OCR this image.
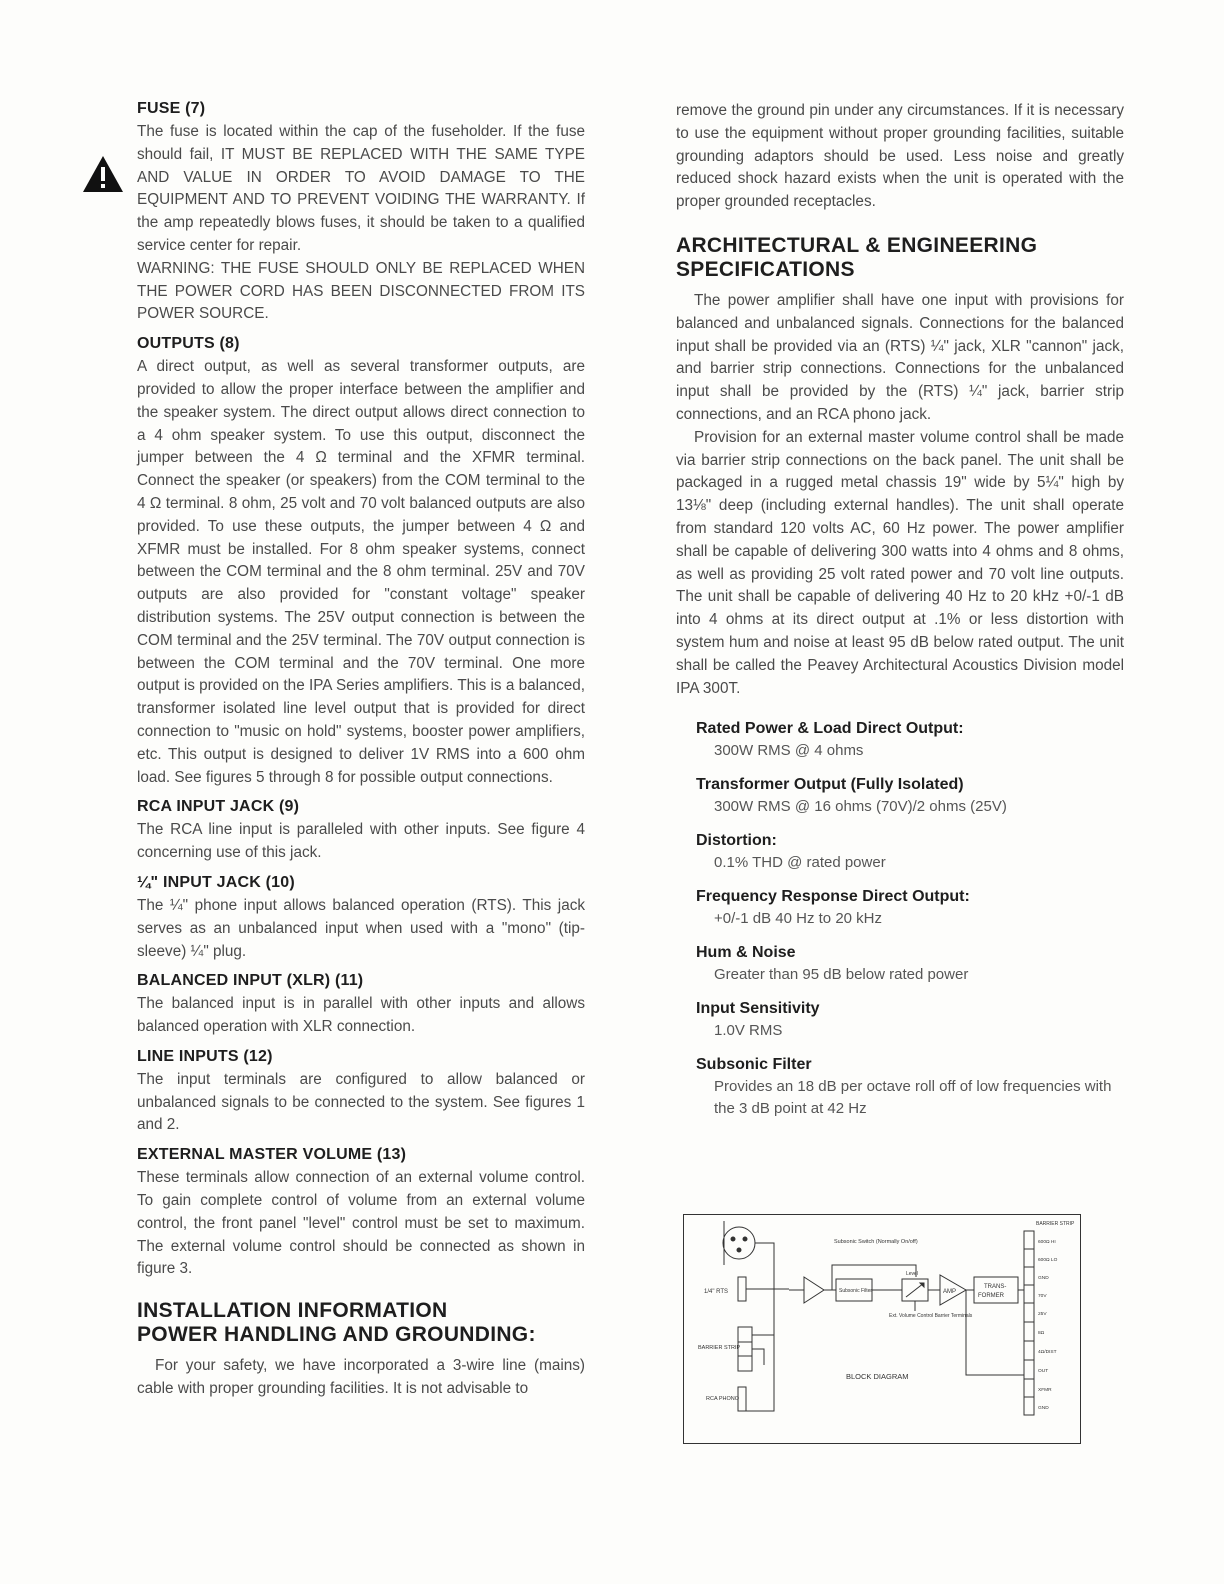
FUSE (7)

The fuse is located within the cap of the fuseholder. If the fuse should fail, IT MUST BE REPLACED WITH THE SAME TYPE AND VALUE IN ORDER TO AVOID DAMAGE TO THE EQUIPMENT AND TO PREVENT VOIDING THE WARRANTY. If the amp repeatedly blows fuses, it should be taken to a qualified service center for repair.

WARNING: THE FUSE SHOULD ONLY BE REPLACED WHEN THE POWER CORD HAS BEEN DISCONNECTED FROM ITS POWER SOURCE.

OUTPUTS (8)

A direct output, as well as several transformer outputs, are provided to allow the proper interface between the amplifier and the speaker system. The direct output allows direct connection to a 4 ohm speaker system. To use this output, disconnect the jumper between the 4 Ω terminal and the XFMR terminal. Connect the speaker (or speakers) from the COM terminal to the 4 Ω terminal. 8 ohm, 25 volt and 70 volt balanced outputs are also provided. To use these outputs, the jumper between 4 Ω and XFMR must be installed. For 8 ohm speaker systems, connect between the COM terminal and the 8 ohm terminal. 25V and 70V outputs are also provided for "constant voltage" speaker distribution systems. The 25V output connection is between the COM terminal and the 25V terminal. The 70V output connection is between the COM terminal and the 70V terminal. One more output is provided on the IPA Series amplifiers. This is a balanced, transformer isolated line level output that is provided for direct connection to "music on hold" systems, booster power amplifiers, etc. This output is designed to deliver 1V RMS into a 600 ohm load. See figures 5 through 8 for possible output connections.

RCA INPUT JACK (9)

The RCA line input is paralleled with other inputs. See figure 4 concerning use of this jack.

¼" INPUT JACK (10)

The ¼" phone input allows balanced operation (RTS). This jack serves as an unbalanced input when used with a "mono" (tip-sleeve) ¼" plug.

BALANCED INPUT (XLR) (11)

The balanced input is in parallel with other inputs and allows balanced operation with XLR connection.

LINE INPUTS (12)

The input terminals are configured to allow balanced or unbalanced signals to be connected to the system. See figures 1 and 2.

EXTERNAL MASTER VOLUME (13)

These terminals allow connection of an external volume control. To gain complete control of volume from an external volume control, the front panel "level" control must be set to maximum. The external volume control should be connected as shown in figure 3.

INSTALLATION INFORMATION
POWER HANDLING AND GROUNDING:

For your safety, we have incorporated a 3-wire line (mains) cable with proper grounding facilities. It is not advisable to

remove the ground pin under any circumstances. If it is necessary to use the equipment without proper grounding facilities, suitable grounding adaptors should be used. Less noise and greatly reduced shock hazard exists when the unit is operated with the proper grounded receptacles.

ARCHITECTURAL & ENGINEERING
SPECIFICATIONS

The power amplifier shall have one input with provisions for balanced and unbalanced signals. Connections for the balanced input shall be provided via an (RTS) ¼" jack, XLR "cannon" jack, and barrier strip connections. Connections for the unbalanced input shall be provided by the (RTS) ¼" jack, barrier strip connections, and an RCA phono jack.

Provision for an external master volume control shall be made via barrier strip connections on the back panel. The unit shall be packaged in a rugged metal chassis 19" wide by 5¼" high by 13⅛" deep (including external handles). The unit shall operate from standard 120 volts AC, 60 Hz power. The power amplifier shall be capable of delivering 300 watts into 4 ohms and 8 ohms, as well as providing 25 volt rated power and 70 volt line outputs. The unit shall be capable of delivering 40 Hz to 20 kHz +0/-1 dB into 4 ohms at its direct output at .1% or less distortion with system hum and noise at least 95 dB below rated output. The unit shall be called the Peavey Architectural Acoustics Division model IPA 300T.

Rated Power & Load Direct Output:
300W RMS @ 4 ohms
Transformer Output (Fully Isolated)
300W RMS @ 16 ohms (70V)/2 ohms (25V)
Distortion:
0.1% THD @ rated power
Frequency Response Direct Output:
+0/-1 dB 40 Hz to 20 kHz
Hum & Noise
Greater than 95 dB below rated power
Input Sensitivity
1.0V RMS
Subsonic Filter
Provides an 18 dB per octave roll off of low frequencies with the 3 dB point at 42 Hz
1/4" RTS
BARRIER STRIP
RCA PHONO
Subsonic Switch (Normally On/off)
Subsonic Filter
Level
Ext. Volume Control Barrier Terminals
AMP
TRANS-
FORMER
BARRIER STRIP
600Ω HI
600Ω LO
GND
70V
25V
8Ω
4Ω/DIST
OUT
XFMR
GND
BLOCK DIAGRAM
